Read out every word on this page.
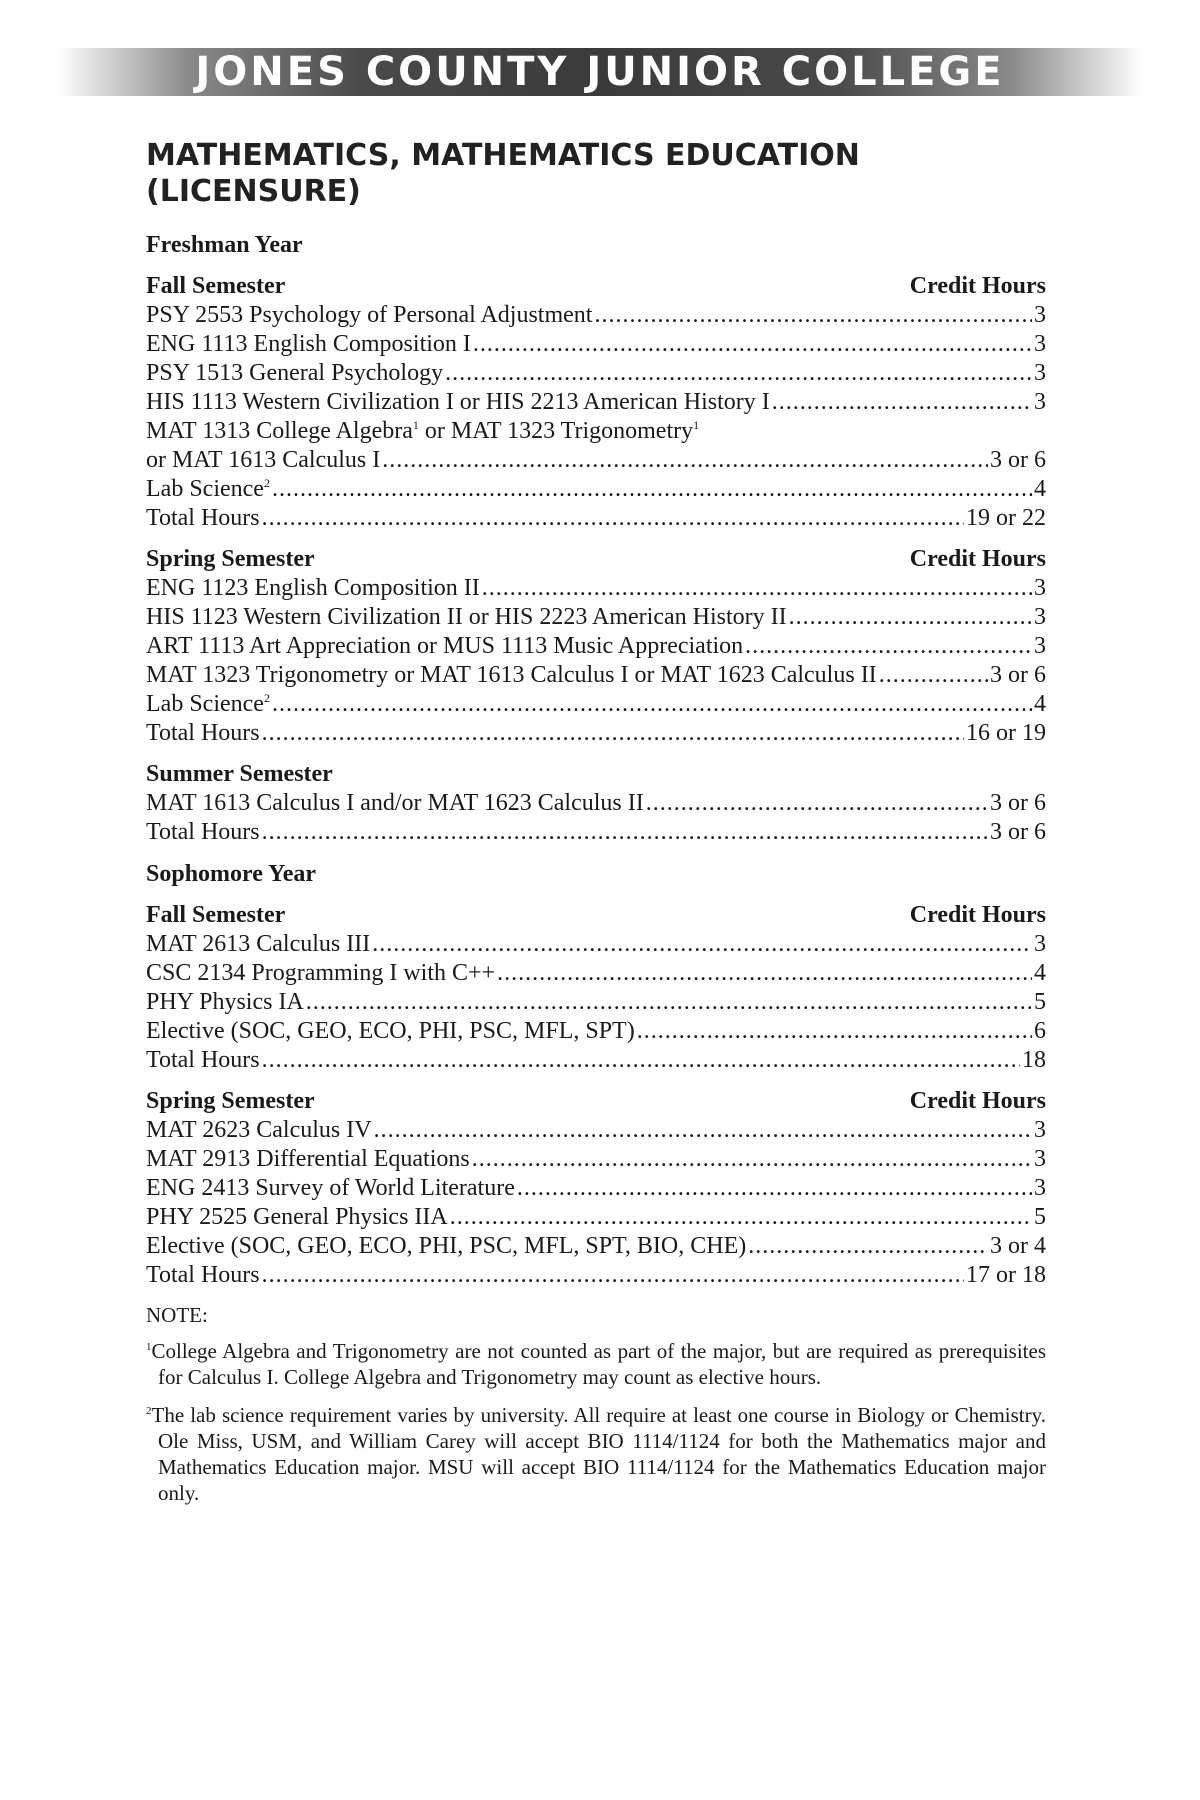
JONES COUNTY JUNIOR COLLEGE
MATHEMATICS, MATHEMATICS EDUCATION
(LICENSURE)
Freshman Year
Fall Semester	Credit Hours
PSY 2553 Psychology of Personal Adjustment .....	3
ENG 1113 English Composition I .....	3
PSY 1513 General Psychology .....	3
HIS 1113 Western Civilization I or HIS 2213 American History I .....	3
MAT 1313 College Algebra$^1$ or MAT 1323 Trigonometry$^1$
or MAT 1613 Calculus I .....	3 or 6
Lab Science$^2$ .....	4
Total Hours .....	19 or 22
Spring Semester	Credit Hours
ENG 1123 English Composition II .....	3
HIS 1123 Western Civilization II or HIS 2223 American History II .....	3
ART 1113 Art Appreciation or MUS 1113 Music Appreciation .....	3
MAT 1323 Trigonometry or MAT 1613 Calculus I or MAT 1623 Calculus II .....	3 or 6
Lab Science$^2$ .....	4
Total Hours .....	16 or 19
Summer Semester
MAT 1613 Calculus I and/or MAT 1623 Calculus II .....	3 or 6
Total Hours .....	3 or 6
Sophomore Year
Fall Semester	Credit Hours
MAT 2613 Calculus III .....	3
CSC 2134 Programming I with C++ .....	4
PHY Physics IA .....	5
Elective (SOC, GEO, ECO, PHI, PSC, MFL, SPT) .....	6
Total Hours .....	18
Spring Semester	Credit Hours
MAT 2623 Calculus IV .....	3
MAT 2913 Differential Equations .....	3
ENG 2413 Survey of World Literature .....	3
PHY 2525 General Physics IIA .....	5
Elective (SOC, GEO, ECO, PHI, PSC, MFL, SPT, BIO, CHE) .....	3 or 4
Total Hours .....	17 or 18
NOTE:

$^1$College Algebra and Trigonometry are not counted as part of the major, but are required as prerequisites for Calculus I. College Algebra and Trigonometry may count as elective hours.

$^2$The lab science requirement varies by university. All require at least one course in Biology or Chemistry. Ole Miss, USM, and William Carey will accept BIO 1114/1124 for both the Mathematics major and Mathematics Education major. MSU will accept BIO 1114/1124 for the Mathematics Education major only.
